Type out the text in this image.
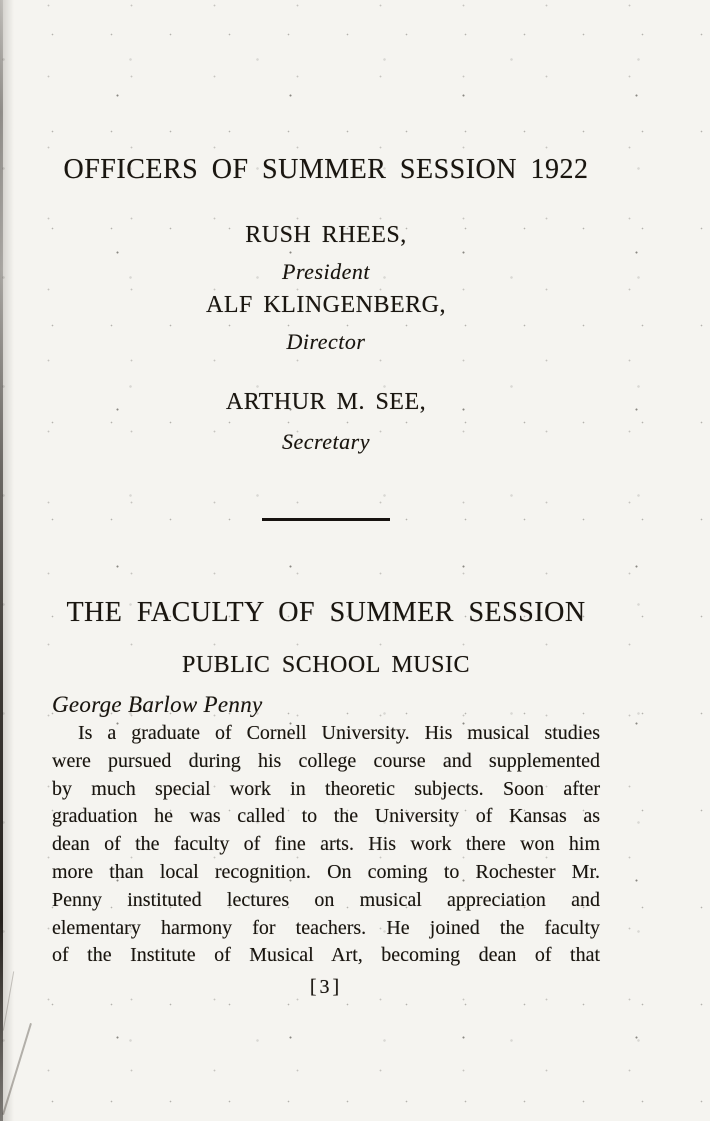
OFFICERS OF SUMMER SESSION 1922
RUSH RHEES,
President
ALF KLINGENBERG,
Director
ARTHUR M. SEE,
Secretary
THE FACULTY OF SUMMER SESSION
PUBLIC SCHOOL MUSIC
George Barlow Penny
Is a graduate of Cornell University. His musical studies
were pursued during his college course and supplemented
by much special work in theoretic subjects. Soon after
graduation he was called to the University of Kansas as
dean of the faculty of fine arts. His work there won him
more than local recognition. On coming to Rochester Mr.
Penny instituted lectures on musical appreciation and
elementary harmony for teachers. He joined the faculty
of the Institute of Musical Art, becoming dean of that
[3]
